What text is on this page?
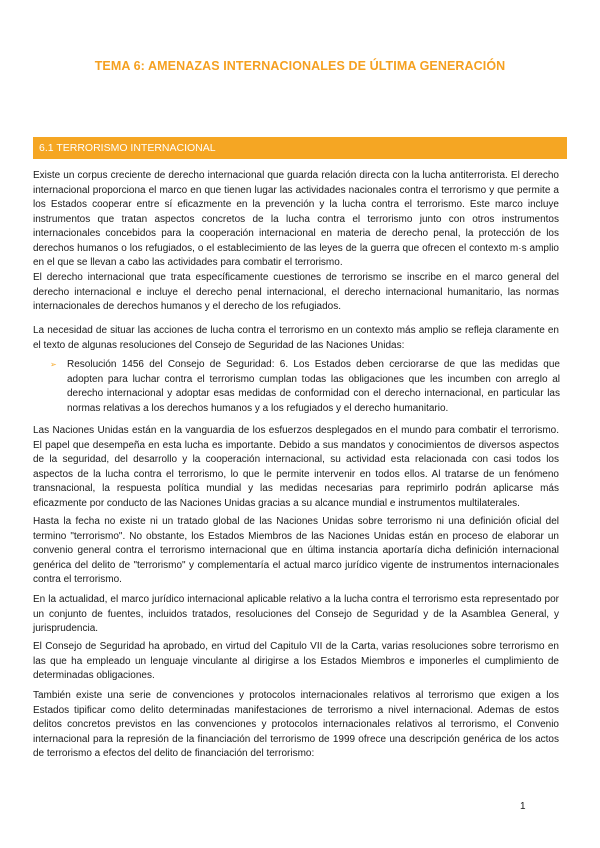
TEMA 6: AMENAZAS INTERNACIONALES DE ÚLTIMA GENERACIÓN
6.1 TERRORISMO INTERNACIONAL

Existe un corpus creciente de derecho internacional que guarda relación directa con la lucha antiterrorista. El derecho internacional proporciona el marco en que tienen lugar las actividades nacionales contra el terrorismo y que permite a los Estados cooperar entre sí eficazmente en la prevención y la lucha contra el terrorismo. Este marco incluye instrumentos que tratan aspectos concretos de la lucha contra el terrorismo junto con otros instrumentos internacionales concebidos para la cooperación internacional en materia de derecho penal, la protección de los derechos humanos o los refugiados, o el establecimiento de las leyes de la guerra que ofrecen el contexto m·s amplio en el que se llevan a cabo las actividades para combatir el terrorismo.

El derecho internacional que trata específicamente cuestiones de terrorismo se inscribe en el marco general del derecho internacional e incluye el derecho penal internacional, el derecho internacional humanitario, las normas internacionales de derechos humanos y el derecho de los refugiados.

La necesidad de situar las acciones de lucha contra el terrorismo en un contexto más amplio se refleja claramente en el texto de algunas resoluciones del Consejo de Seguridad de las Naciones Unidas:

➢ Resolución 1456 del Consejo de Seguridad: 6. Los Estados deben cerciorarse de que las medidas que adopten para luchar contra el terrorismo cumplan todas las obligaciones que les incumben con arreglo al derecho internacional y adoptar esas medidas de conformidad con el derecho internacional, en particular las normas relativas a los derechos humanos y a los refugiados y el derecho humanitario.

Las Naciones Unidas están en la vanguardia de los esfuerzos desplegados en el mundo para combatir el terrorismo. El papel que desempeña en esta lucha es importante. Debido a sus mandatos y conocimientos de diversos aspectos de la seguridad, del desarrollo y la cooperación internacional, su actividad esta relacionada con casi todos los aspectos de la lucha contra el terrorismo, lo que le permite intervenir en todos ellos. Al tratarse de un fenómeno transnacional, la respuesta política mundial y las medidas necesarias para reprimirlo podrán aplicarse más eficazmente por conducto de las Naciones Unidas gracias a su alcance mundial e instrumentos multilaterales.

Hasta la fecha no existe ni un tratado global de las Naciones Unidas sobre terrorismo ni una definición oficial del termino "terrorismo". No obstante, los Estados Miembros de las Naciones Unidas están en proceso de elaborar un convenio general contra el terrorismo internacional que en última instancia aportaría dicha definición internacional genérica del delito de "terrorismo" y complementaría el actual marco jurídico vigente de instrumentos internacionales contra el terrorismo.

En la actualidad, el marco jurídico internacional aplicable relativo a la lucha contra el terrorismo esta representado por un conjunto de fuentes, incluidos tratados, resoluciones del Consejo de Seguridad y de la Asamblea General, y jurisprudencia.

El Consejo de Seguridad ha aprobado, en virtud del Capitulo VII de la Carta, varias resoluciones sobre terrorismo en las que ha empleado un lenguaje vinculante al dirigirse a los Estados Miembros e imponerles el cumplimiento de determinadas obligaciones.

También existe una serie de convenciones y protocolos internacionales relativos al terrorismo que exigen a los Estados tipificar como delito determinadas manifestaciones de terrorismo a nivel internacional. Ademas de estos delitos concretos previstos en las convenciones y protocolos internacionales relativos al terrorismo, el Convenio internacional para la represión de la financiación del terrorismo de 1999 ofrece una descripción genérica de los actos de terrorismo a efectos del delito de financiación del terrorismo:

1
